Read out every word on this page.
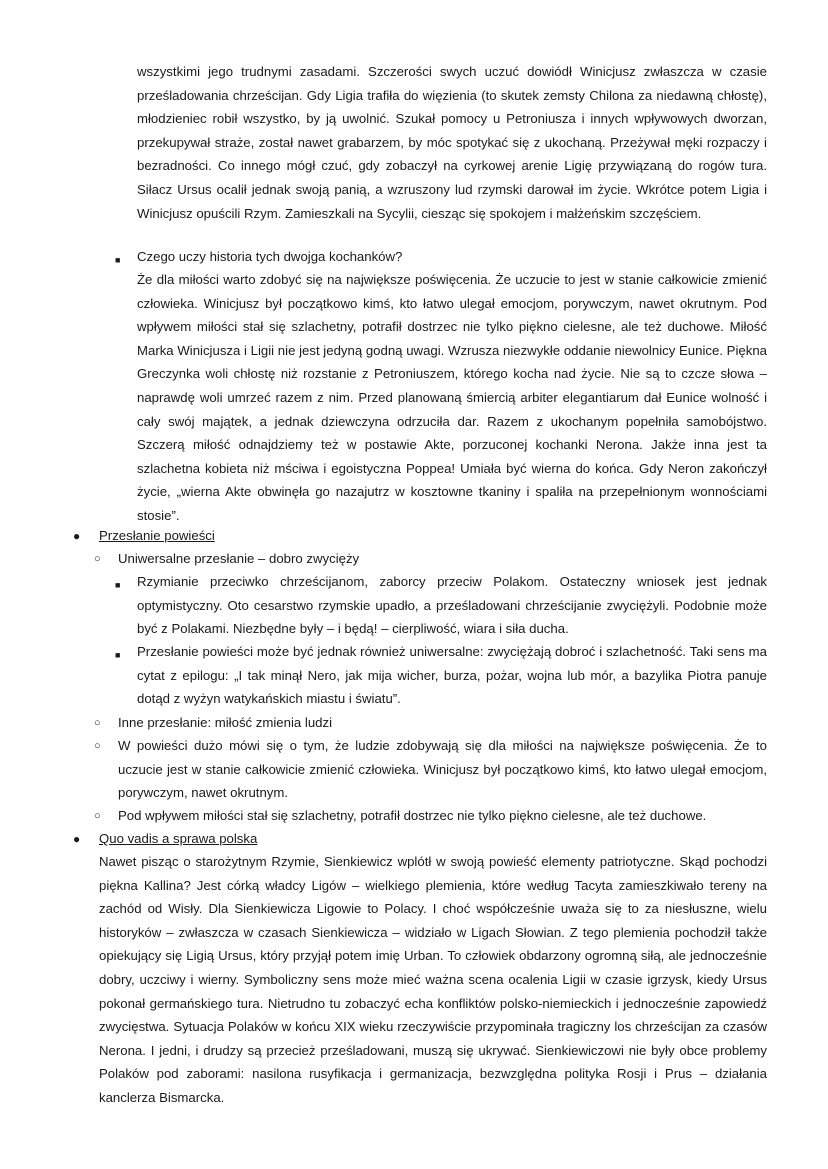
wszystkimi jego trudnymi zasadami. Szczerości swych uczuć dowiódł Winicjusz zwłaszcza w czasie prześladowania chrześcijan. Gdy Ligia trafiła do więzienia (to skutek zemsty Chilona za niedawną chłostę), młodzieniec robił wszystko, by ją uwolnić. Szukał pomocy u Petroniusza i innych wpływowych dworzan, przekupywał straże, został nawet grabarzem, by móc spotykać się z ukochaną. Przeżywał męki rozpaczy i bezradności. Co innego mógł czuć, gdy zobaczył na cyrkowej arenie Ligię przywiązaną do rogów tura. Siłacz Ursus ocalił jednak swoją panią, a wzruszony lud rzymski darował im życie. Wkrótce potem Ligia i Winicjusz opuścili Rzym. Zamieszkali na Sycylii, ciesząc się spokojem i małżeńskim szczęściem.

■ Czego uczy historia tych dwojga kochanków?

Że dla miłości warto zdobyć się na największe poświęcenia. Że uczucie to jest w stanie całkowicie zmienić człowieka. Winicjusz był początkowo kimś, kto łatwo ulegał emocjom, porywczym, nawet okrutnym. Pod wpływem miłości stał się szlachetny, potrafił dostrzec nie tylko piękno cielesne, ale też duchowe. Miłość Marka Winicjusza i Ligii nie jest jedyną godną uwagi. Wzrusza niezwykłe oddanie niewolnicy Eunice. Piękna Greczynka woli chłostę niż rozstanie z Petroniuszem, którego kocha nad życie. Nie są to czcze słowa – naprawdę woli umrzeć razem z nim. Przed planowaną śmiercią arbiter elegantiarum dał Eunice wolność i cały swój majątek, a jednak dziewczyna odrzuciła dar. Razem z ukochanym popełniła samobójstwo. Szczerą miłość odnajdziemy też w postawie Akte, porzuconej kochanki Nerona. Jakże inna jest ta szlachetna kobieta niż mściwa i egoistyczna Poppea! Umiała być wierna do końca. Gdy Neron zakończył życie, „wierna Akte obwinęła go nazajutrz w kosztowne tkaniny i spaliła na przepełnionym wonnościami stosie”.

● Przesłanie powieści

○ Uniwersalne przesłanie – dobro zwycięży

■ Rzymianie przeciwko chrześcijanom, zaborcy przeciw Polakom. Ostateczny wniosek jest jednak optymistyczny. Oto cesarstwo rzymskie upadło, a prześladowani chrześcijanie zwyciężyli. Podobnie może być z Polakami. Niezbędne były – i będą! – cierpliwość, wiara i siła ducha.

■ Przesłanie powieści może być jednak również uniwersalne: zwyciężają dobroć i szlachetność. Taki sens ma cytat z epilogu: „I tak minął Nero, jak mija wicher, burza, pożar, wojna lub mór, a bazylika Piotra panuje dotąd z wyżyn watykańskich miastu i światu”.

○ Inne przesłanie: miłość zmienia ludzi

○ W powieści dużo mówi się o tym, że ludzie zdobywają się dla miłości na największe poświęcenia. Że to uczucie jest w stanie całkowicie zmienić człowieka. Winicjusz był początkowo kimś, kto łatwo ulegał emocjom, porywczym, nawet okrutnym.

○ Pod wpływem miłości stał się szlachetny, potrafił dostrzec nie tylko piękno cielesne, ale też duchowe.

● Quo vadis a sprawa polska

Nawet pisząc o starożytnym Rzymie, Sienkiewicz wplótł w swoją powieść elementy patriotyczne. Skąd pochodzi piękna Kallina? Jest córką władcy Ligów – wielkiego plemienia, które według Tacyta zamieszkiwało tereny na zachód od Wisły. Dla Sienkiewicza Ligowie to Polacy. I choć współcześnie uważa się to za niesłuszne, wielu historyków – zwłaszcza w czasach Sienkiewicza – widziało w Ligach Słowian. Z tego plemienia pochodził także opiekujący się Ligią Ursus, który przyjął potem imię Urban. To człowiek obdarzony ogromną siłą, ale jednocześnie dobry, uczciwy i wierny. Symboliczny sens może mieć ważna scena ocalenia Ligii w czasie igrzysk, kiedy Ursus pokonał germańskiego tura. Nietrudno tu zobaczyć echa konfliktów polsko-niemieckich i jednocześnie zapowiedź zwycięstwa. Sytuacja Polaków w końcu XIX wieku rzeczywiście przypominała tragiczny los chrześcijan za czasów Nerona. I jedni, i drudzy są przecież prześladowani, muszą się ukrywać. Sienkiewiczowi nie były obce problemy Polaków pod zaborami: nasilona rusyfikacja i germanizacja, bezwzględna polityka Rosji i Prus – działania kanclerza Bismarcka.
